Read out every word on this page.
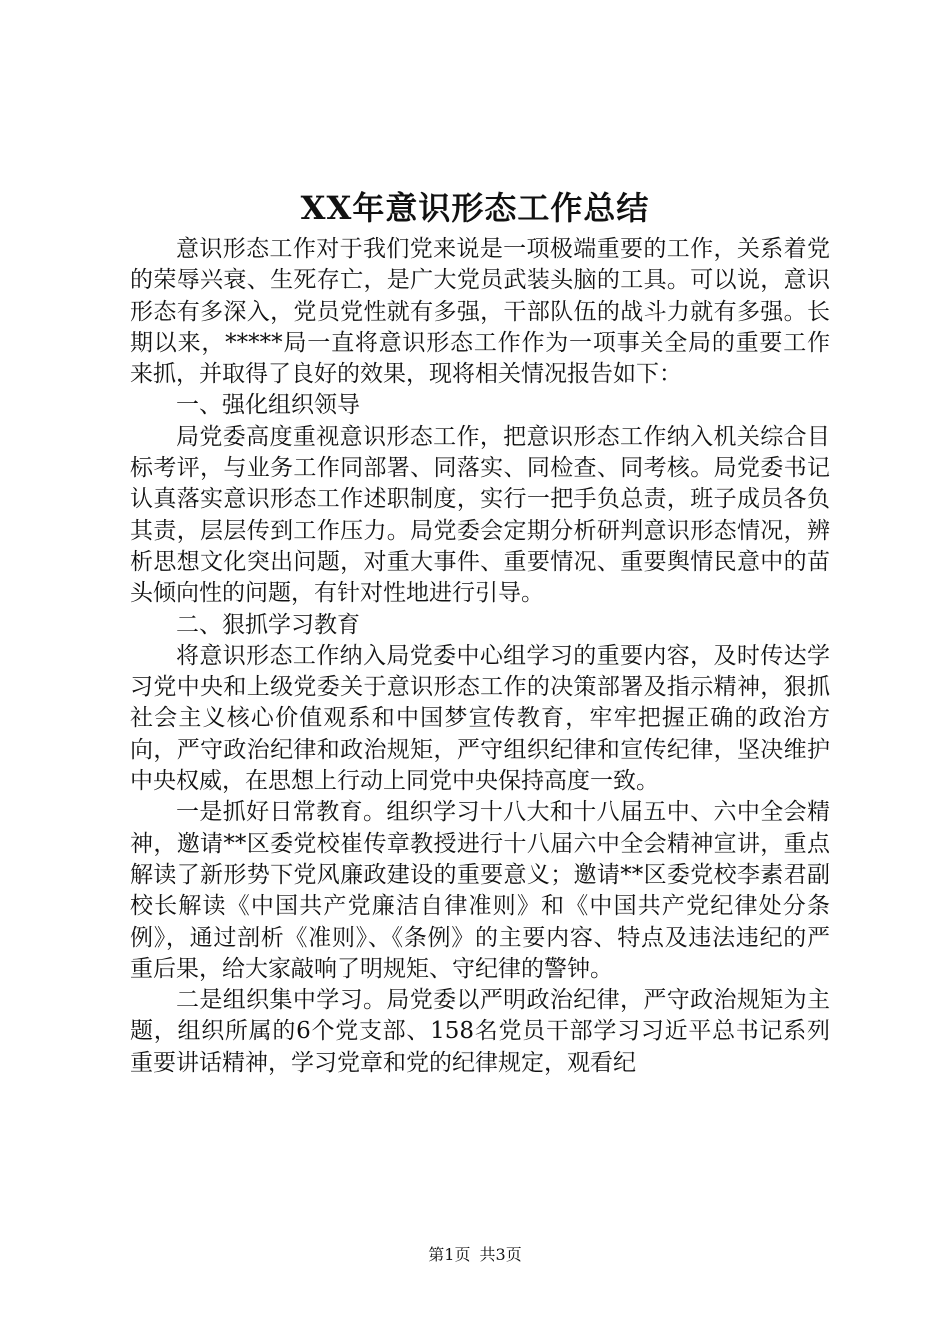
XX年意识形态工作总结

意识形态工作对于我们党来说是一项极端重要的工作，关系着党的荣辱兴衰、生死存亡，是广大党员武装头脑的工具。可以说，意识形态有多深入，党员党性就有多强，干部队伍的战斗力就有多强。长期以来，*****局一直将意识形态工作作为一项事关全局的重要工作来抓，并取得了良好的效果，现将相关情况报告如下：

一、强化组织领导

局党委高度重视意识形态工作，把意识形态工作纳入机关综合目标考评，与业务工作同部署、同落实、同检查、同考核。局党委书记认真落实意识形态工作述职制度，实行一把手负总责，班子成员各负其责，层层传到工作压力。局党委会定期分析研判意识形态情况，辨析思想文化突出问题，对重大事件、重要情况、重要舆情民意中的苗头倾向性的问题，有针对性地进行引导。

二、狠抓学习教育

将意识形态工作纳入局党委中心组学习的重要内容，及时传达学习党中央和上级党委关于意识形态工作的决策部署及指示精神，狠抓社会主义核心价值观系和中国梦宣传教育，牢牢把握正确的政治方向，严守政治纪律和政治规矩，严守组织纪律和宣传纪律，坚决维护中央权威，在思想上行动上同党中央保持高度一致。

一是抓好日常教育。组织学习十八大和十八届五中、六中全会精神，邀请**区委党校崔传章教授进行十八届六中全会精神宣讲，重点解读了新形势下党风廉政建设的重要意义；邀请**区委党校李素君副校长解读《中国共产党廉洁自律准则》和《中国共产党纪律处分条例》，通过剖析《准则》、《条例》的主要内容、特点及违法违纪的严重后果，给大家敲响了明规矩、守纪律的警钟。

二是组织集中学习。局党委以严明政治纪律，严守政治规矩为主题，组织所属的6个党支部、158名党员干部学习习近平总书记系列重要讲话精神，学习党章和党的纪律规定，观看纪

第1页 共3页
